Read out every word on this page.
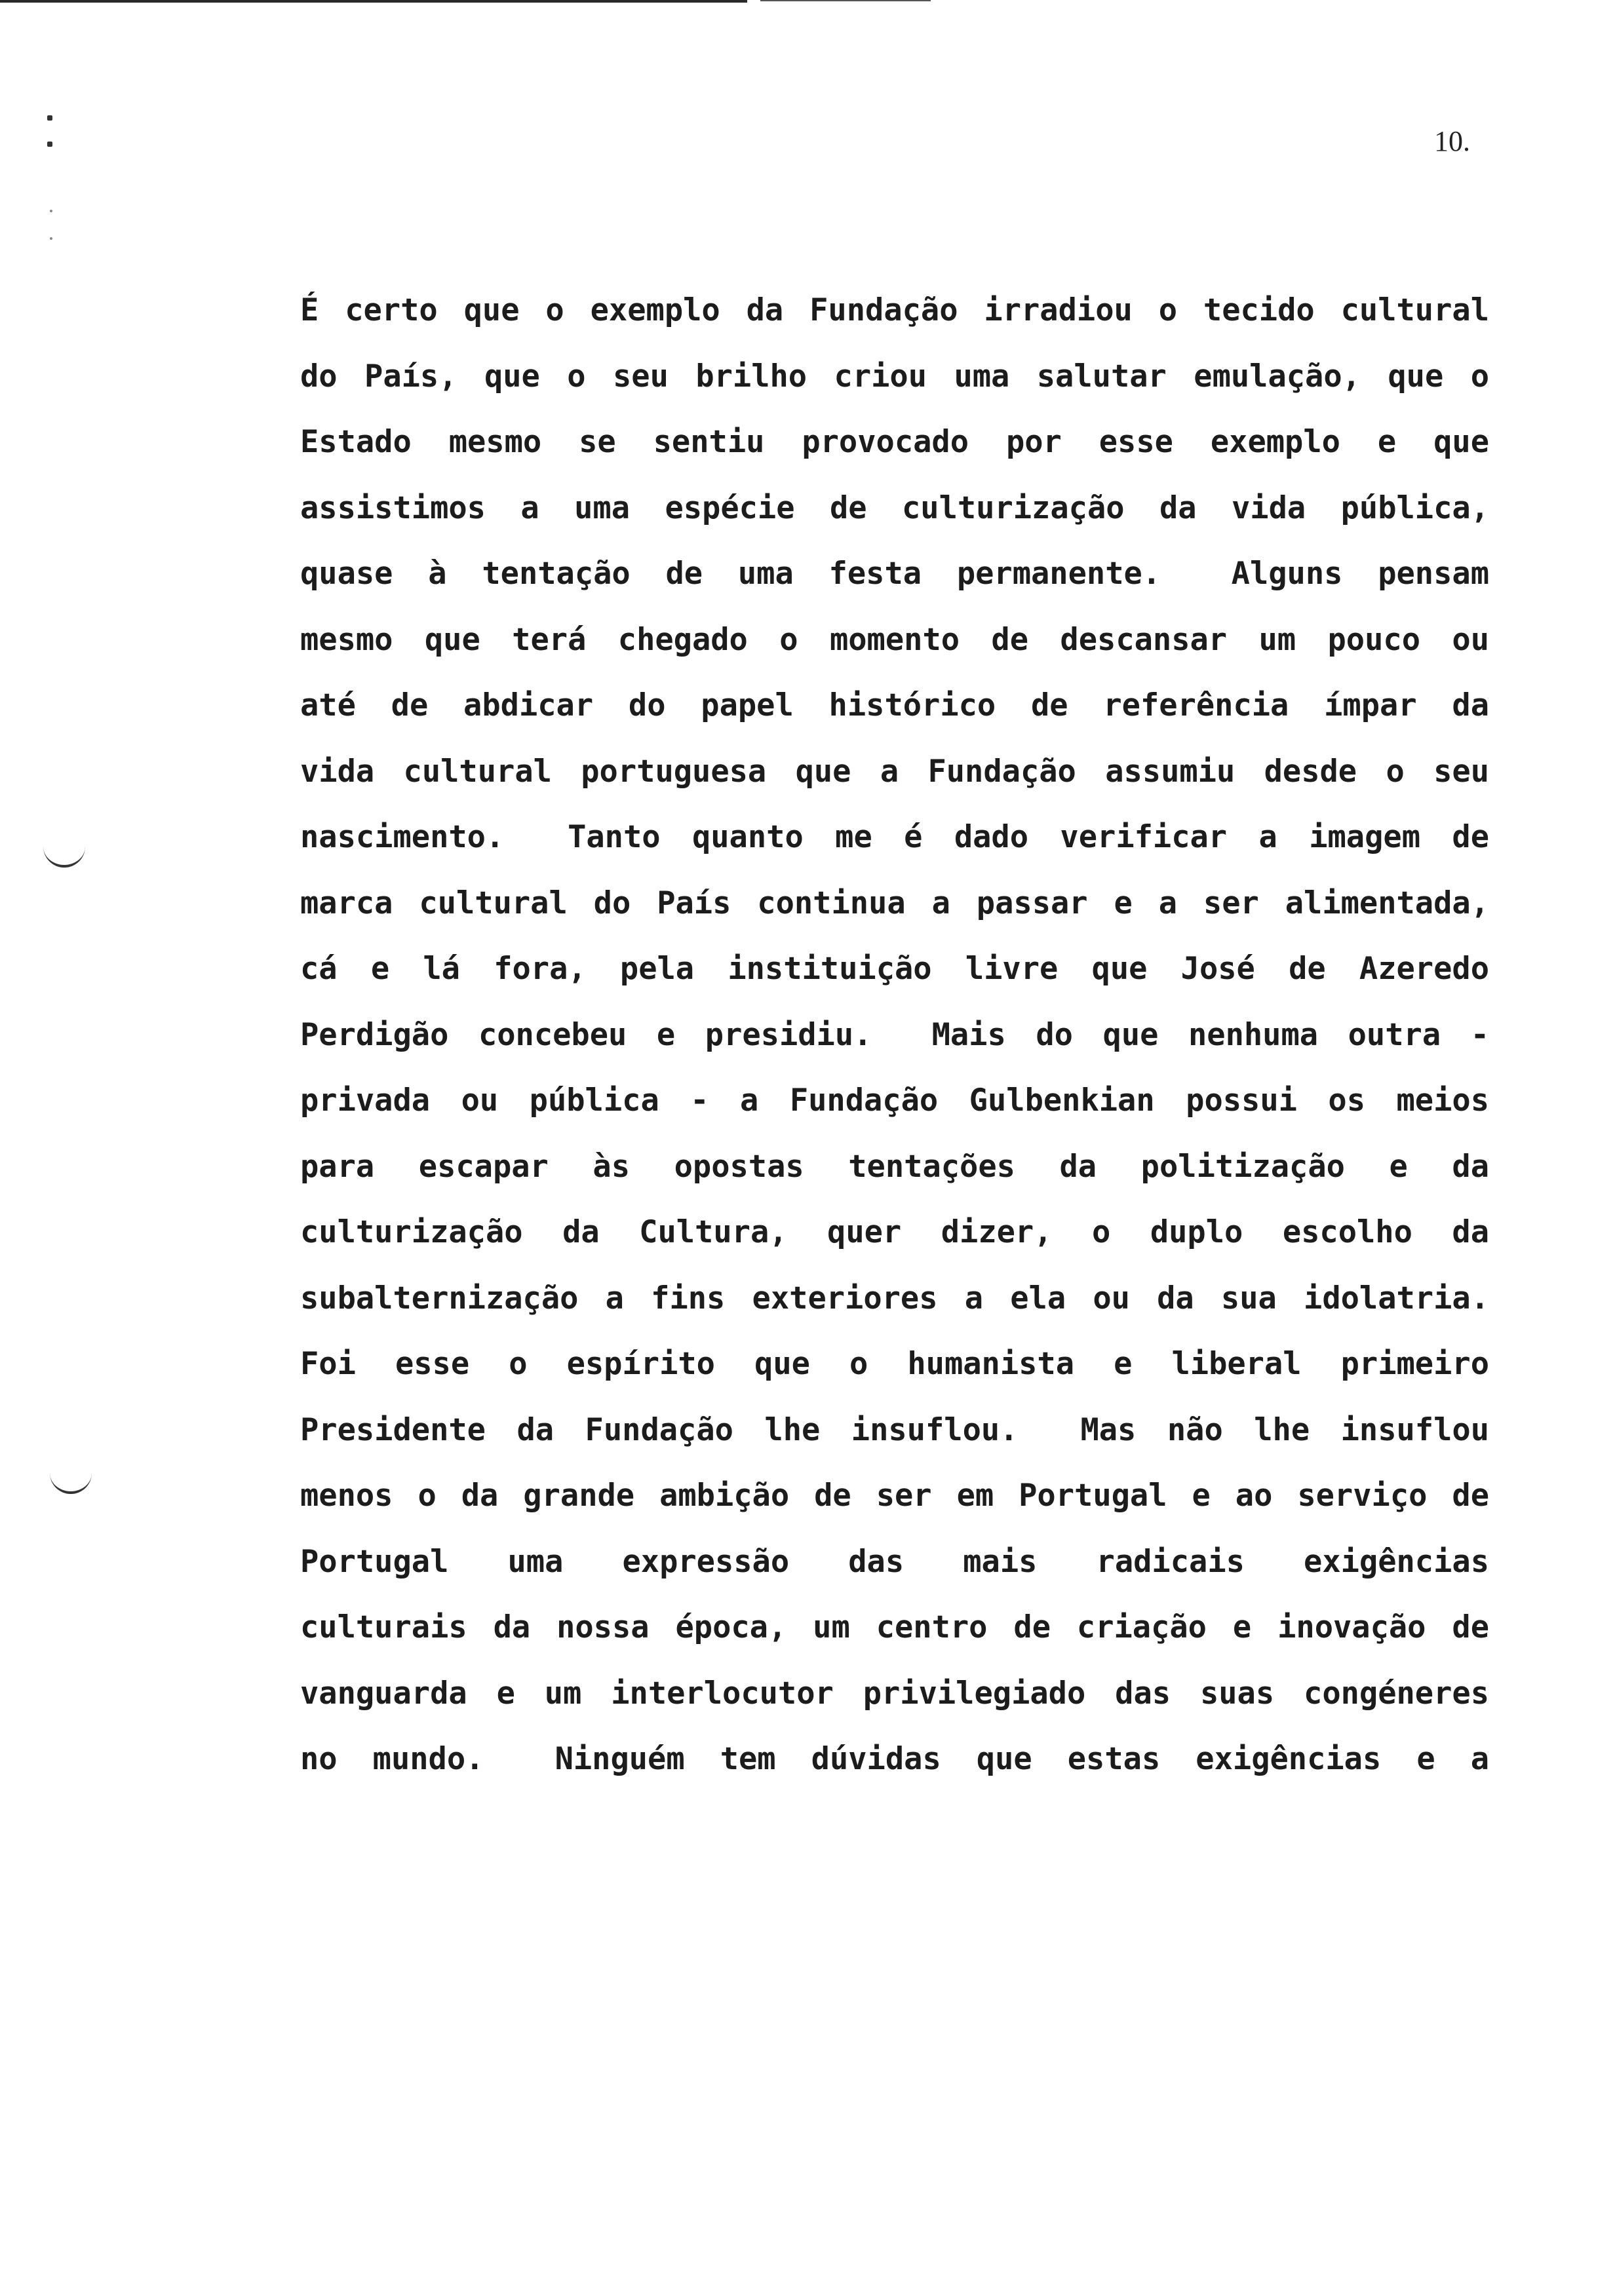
10.
É certo que o exemplo da Fundação irradiou o tecido cultural
do País, que o seu brilho criou uma salutar emulação, que o
Estado mesmo se sentiu provocado por esse exemplo e que
assistimos a uma espécie de culturização da vida pública,
quase à tentação de uma festa permanente.  Alguns pensam
mesmo que terá chegado o momento de descansar um pouco ou
até de abdicar do papel histórico de referência ímpar da
vida cultural portuguesa que a Fundação assumiu desde o seu
nascimento.  Tanto quanto me é dado verificar a imagem de
marca cultural do País continua a passar e a ser alimentada,
cá e lá fora, pela instituição livre que José de Azeredo
Perdigão concebeu e presidiu.  Mais do que nenhuma outra -
privada ou pública - a Fundação Gulbenkian possui os meios
para escapar às opostas tentações da politização e da
culturização da Cultura, quer dizer, o duplo escolho da
subalternização a fins exteriores a ela ou da sua idolatria.
Foi esse o espírito que o humanista e liberal primeiro
Presidente da Fundação lhe insuflou.  Mas não lhe insuflou
menos o da grande ambição de ser em Portugal e ao serviço de
Portugal uma expressão das mais radicais exigências
culturais da nossa época, um centro de criação e inovação de
vanguarda e um interlocutor privilegiado das suas congéneres
no mundo.  Ninguém tem dúvidas que estas exigências e a
